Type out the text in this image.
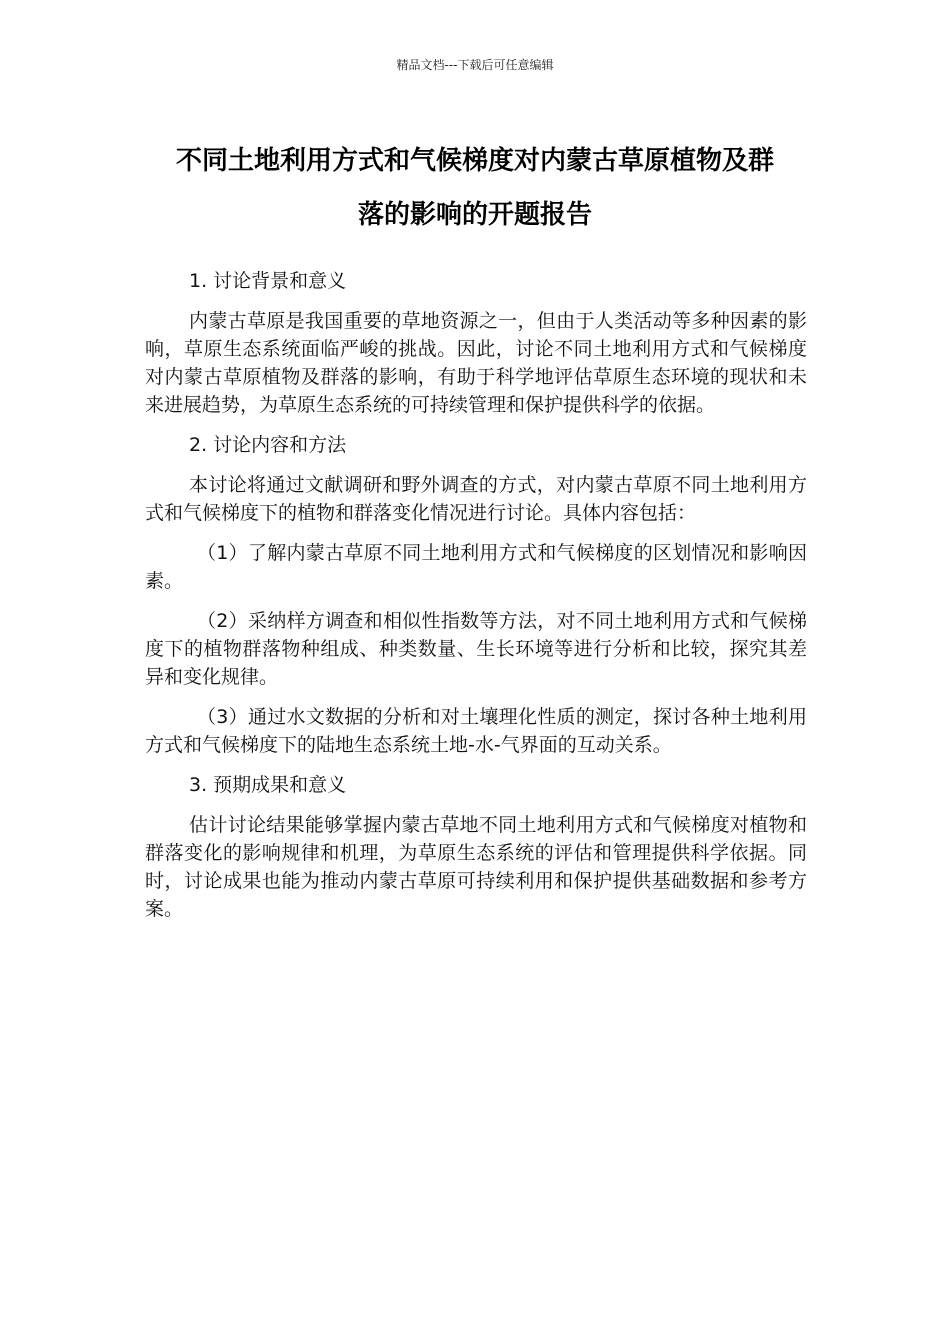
精品文档---下载后可任意编辑
不同土地利用方式和气候梯度对内蒙古草原植物及群
落的影响的开题报告

1. 讨论背景和意义

内蒙古草原是我国重要的草地资源之一，但由于人类活动等多种因素的影响，草原生态系统面临严峻的挑战。因此，讨论不同土地利用方式和气候梯度对内蒙古草原植物及群落的影响，有助于科学地评估草原生态环境的现状和未来进展趋势，为草原生态系统的可持续管理和保护提供科学的依据。

2. 讨论内容和方法

本讨论将通过文献调研和野外调查的方式，对内蒙古草原不同土地利用方式和气候梯度下的植物和群落变化情况进行讨论。具体内容包括：

（1）了解内蒙古草原不同土地利用方式和气候梯度的区划情况和影响因素。

（2）采纳样方调查和相似性指数等方法，对不同土地利用方式和气候梯度下的植物群落物种组成、种类数量、生长环境等进行分析和比较，探究其差异和变化规律。

（3）通过水文数据的分析和对土壤理化性质的测定，探讨各种土地利用方式和气候梯度下的陆地生态系统土地-水-气界面的互动关系。

3. 预期成果和意义

估计讨论结果能够掌握内蒙古草地不同土地利用方式和气候梯度对植物和群落变化的影响规律和机理，为草原生态系统的评估和管理提供科学依据。同时，讨论成果也能为推动内蒙古草原可持续利用和保护提供基础数据和参考方案。
